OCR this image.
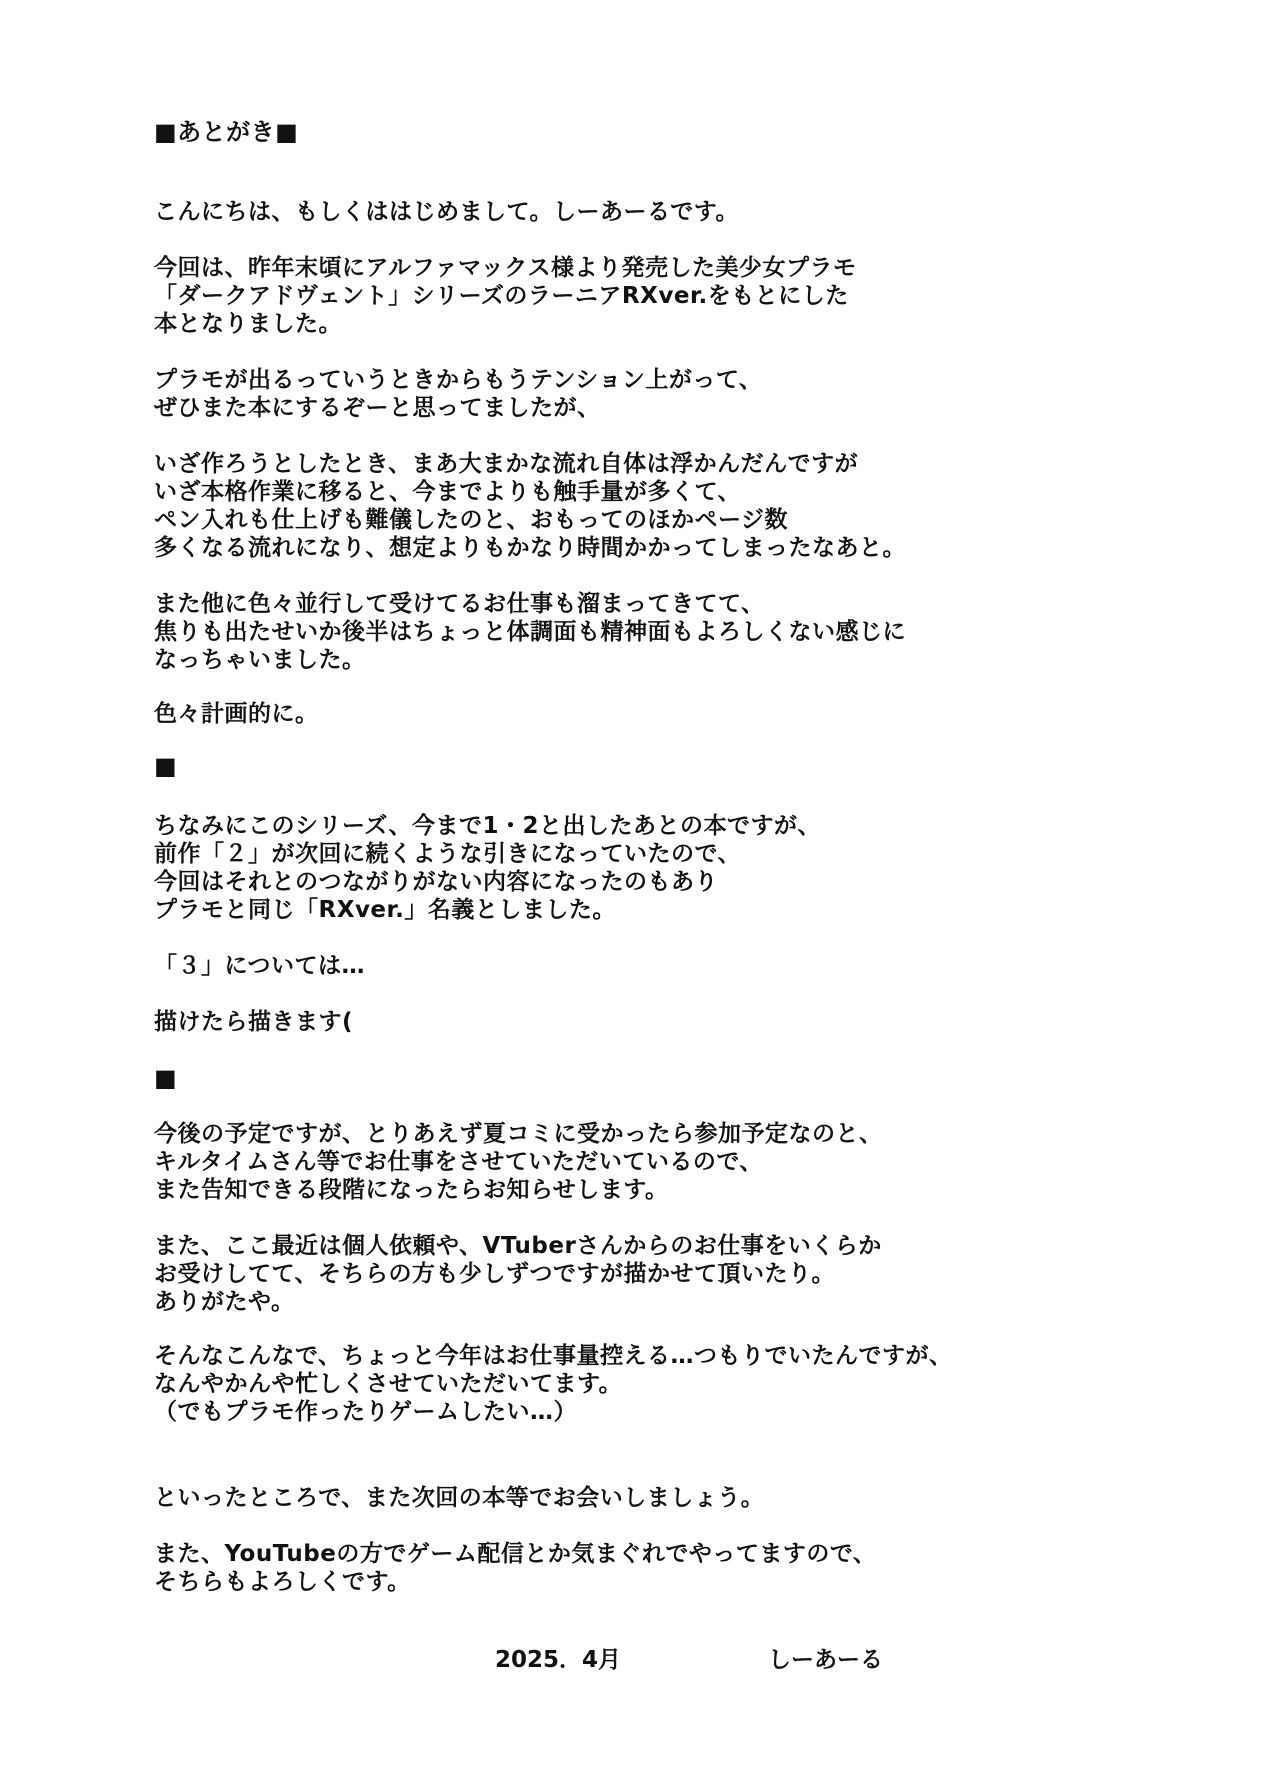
■あとがき■
こんにちは、もしくははじめまして。しーあーるです。
今回は、昨年末頃にアルファマックス様より発売した美少女プラモ
「ダークアドヴェント」シリーズのラーニアRXver.をもとにした
本となりました。
プラモが出るっていうときからもうテンション上がって、
ぜひまた本にするぞーと思ってましたが、
いざ作ろうとしたとき、まあ大まかな流れ自体は浮かんだんですが
いざ本格作業に移ると、今までよりも触手量が多くて、
ペン入れも仕上げも難儀したのと、おもってのほかページ数
多くなる流れになり、想定よりもかなり時間かかってしまったなあと。
また他に色々並行して受けてるお仕事も溜まってきてて、
焦りも出たせいか後半はちょっと体調面も精神面もよろしくない感じに
なっちゃいました。
色々計画的に。
■
ちなみにこのシリーズ、今まで1・2と出したあとの本ですが、
前作「２」が次回に続くような引きになっていたので、
今回はそれとのつながりがない内容になったのもあり
プラモと同じ「RXver.」名義としました。
「３」については…
描けたら描きます(
■
今後の予定ですが、とりあえず夏コミに受かったら参加予定なのと、
キルタイムさん等でお仕事をさせていただいているので、
また告知できる段階になったらお知らせします。
また、ここ最近は個人依頼や、VTuberさんからのお仕事をいくらか
お受けしてて、そちらの方も少しずつですが描かせて頂いたり。
ありがたや。
そんなこんなで、ちょっと今年はお仕事量控える…つもりでいたんですが、
なんやかんや忙しくさせていただいてます。
（でもプラモ作ったりゲームしたい…）
といったところで、また次回の本等でお会いしましょう。
また、YouTubeの方でゲーム配信とか気まぐれでやってますので、
そちらもよろしくです。
2025．4月	しーあーる
